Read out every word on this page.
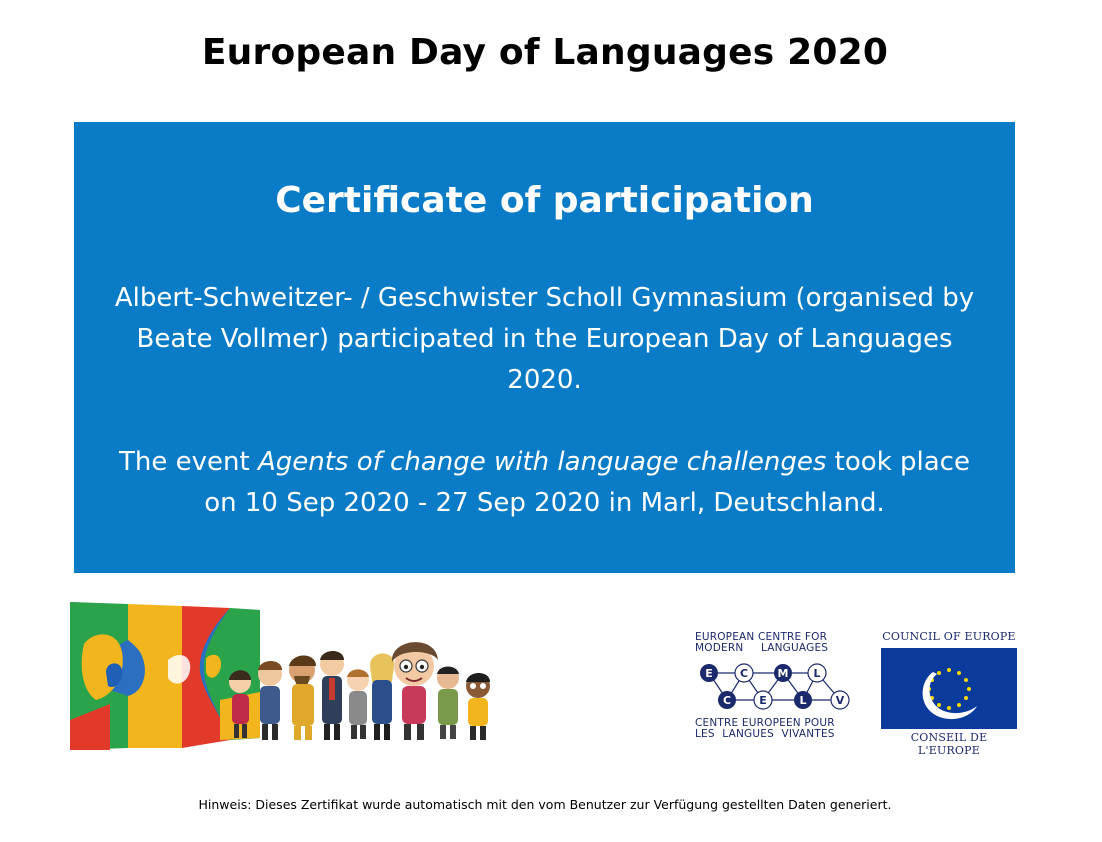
European Day of Languages 2020
Certificate of participation
Albert-Schweitzer- / Geschwister Scholl Gymnasium (organised by Beate Vollmer) participated in the European Day of Languages 2020.
The event Agents of change with language challenges took place on 10 Sep 2020 - 27 Sep 2020 in Marl, Deutschland.
EUROPEAN CENTRE FOR
MODERN LANGUAGES
E C	M L
C	E	L	V
CENTRE EUROPEEN POUR
LES LANGUES VIVANTES
COUNCIL OF EUROPE
CONSEIL DE L'EUROPE
Hinweis: Dieses Zertifikat wurde automatisch mit den vom Benutzer zur Verfügung gestellten Daten generiert.
